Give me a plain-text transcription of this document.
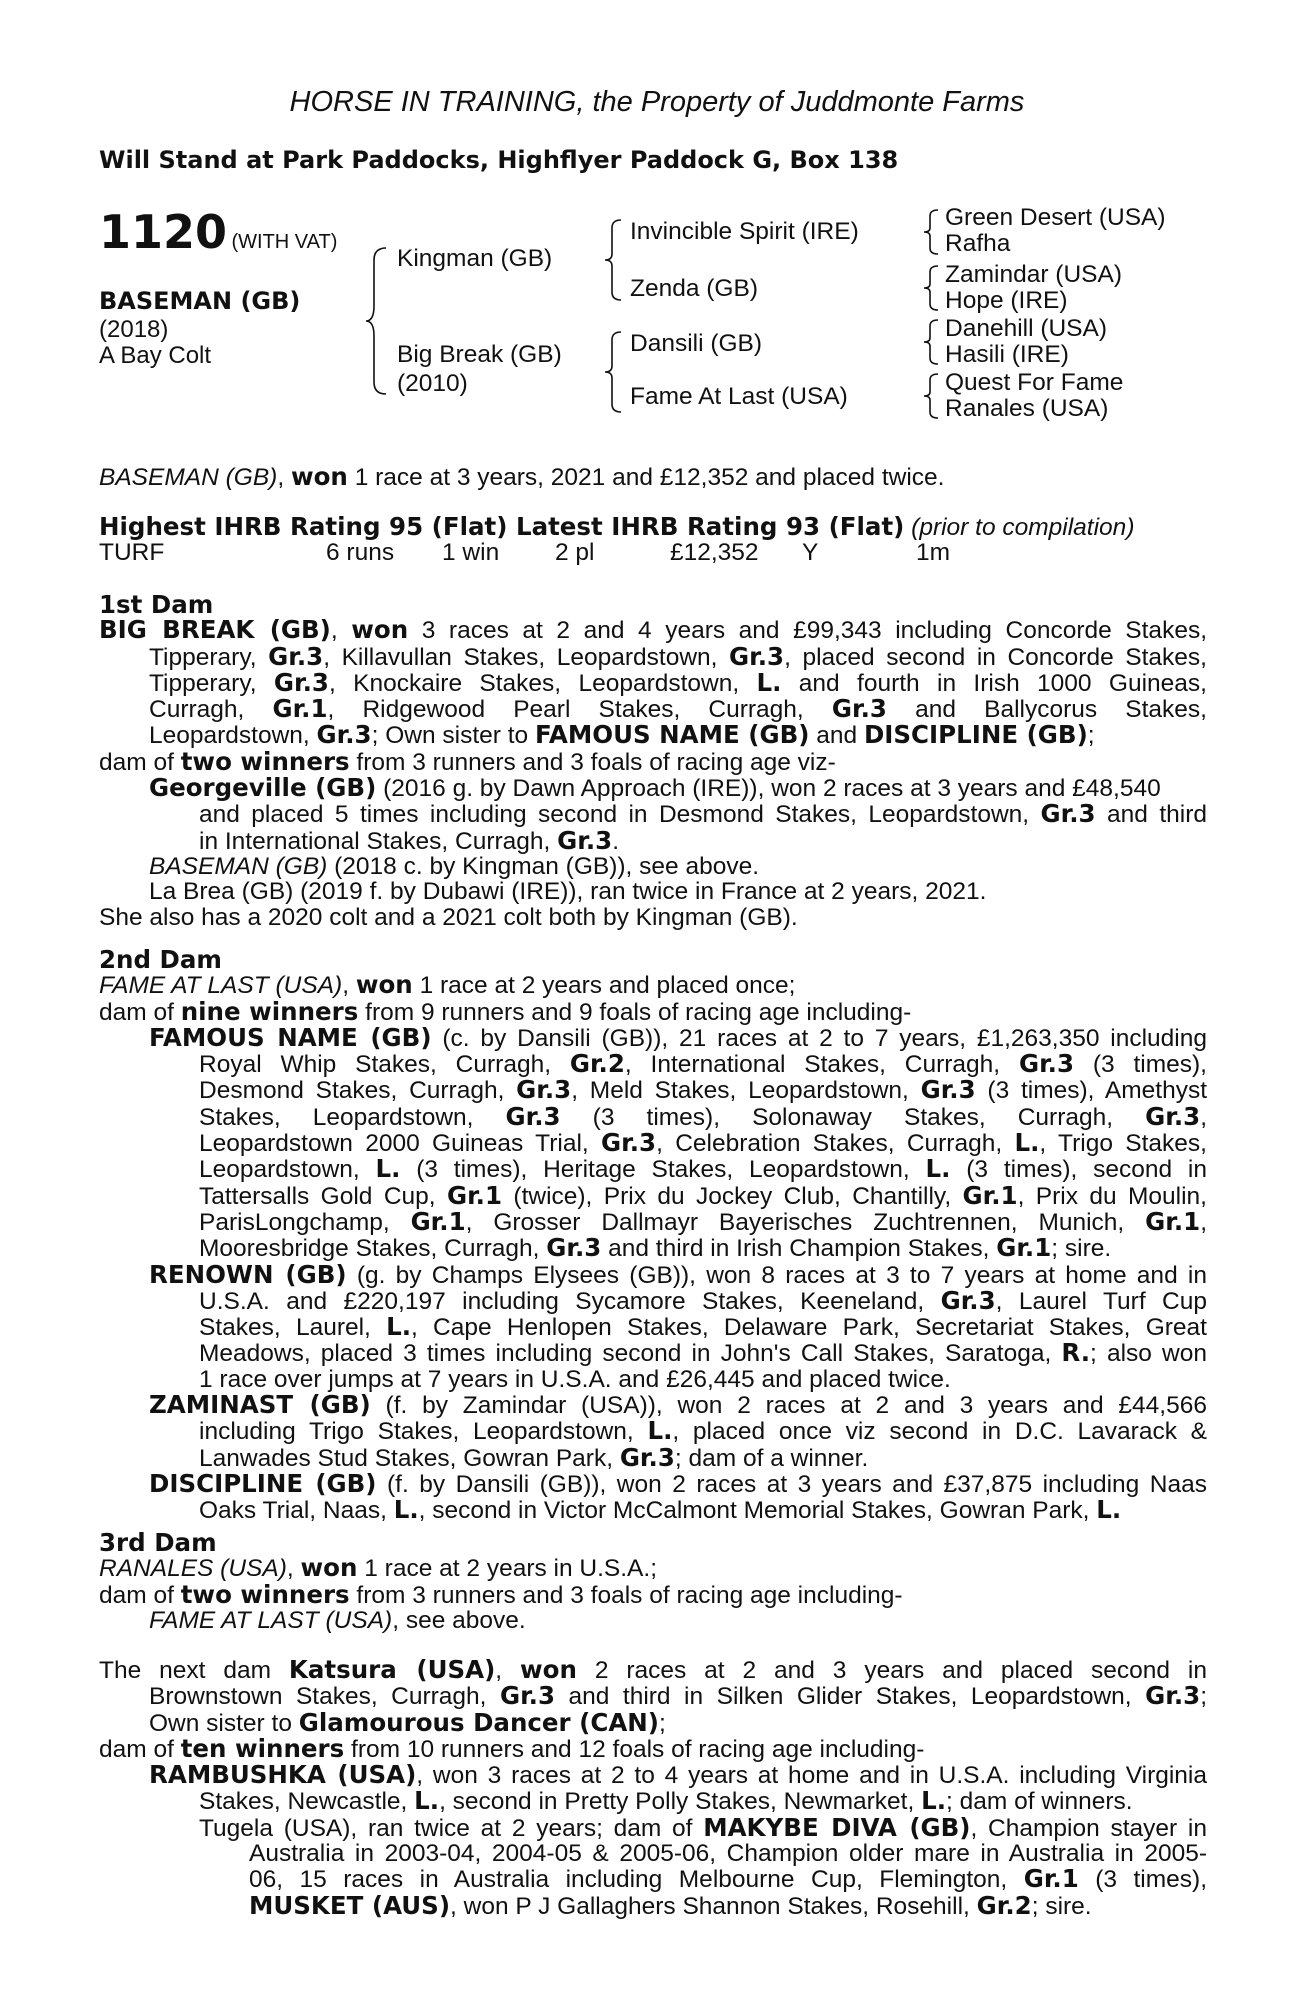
HORSE IN TRAINING, the Property of Juddmonte Farms
Will Stand at Park Paddocks, Highflyer Paddock G, Box 138
1120 (WITH VAT)
BASEMAN (GB)
(2018)
A Bay Colt
Kingman (GB)
Big Break (GB)
(2010)
Invincible Spirit (IRE)
Zenda (GB)
Dansili (GB)
Fame At Last (USA)
Green Desert (USA)
Rafha
Zamindar (USA)
Hope (IRE)
Danehill (USA)
Hasili (IRE)
Quest For Fame
Ranales (USA)
BASEMAN (GB), won 1 race at 3 years, 2021 and £12,352 and placed twice.
Highest IHRB Rating 95 (Flat) Latest IHRB Rating 93 (Flat) (prior to compilation)
TURF	6 runs 1 win 2 pl	£12,352 Y	1m

1st Dam

BIG BREAK (GB), won 3 races at 2 and 4 years and £99,343 including Concorde Stakes,

Tipperary, Gr.3, Killavullan Stakes, Leopardstown, Gr.3, placed second in Concorde Stakes,

Tipperary, Gr.3, Knockaire Stakes, Leopardstown, L. and fourth in Irish 1000 Guineas,

Curragh, Gr.1, Ridgewood Pearl Stakes, Curragh, Gr.3 and Ballycorus Stakes,

Leopardstown, Gr.3; Own sister to FAMOUS NAME (GB) and DISCIPLINE (GB);

dam of two winners from 3 runners and 3 foals of racing age viz-

Georgeville (GB) (2016 g. by Dawn Approach (IRE)), won 2 races at 3 years and £48,540

and placed 5 times including second in Desmond Stakes, Leopardstown, Gr.3 and third

in International Stakes, Curragh, Gr.3.

BASEMAN (GB) (2018 c. by Kingman (GB)), see above.

La Brea (GB) (2019 f. by Dubawi (IRE)), ran twice in France at 2 years, 2021.

She also has a 2020 colt and a 2021 colt both by Kingman (GB).

2nd Dam

FAME AT LAST (USA), won 1 race at 2 years and placed once;

dam of nine winners from 9 runners and 9 foals of racing age including-

FAMOUS NAME (GB) (c. by Dansili (GB)), 21 races at 2 to 7 years, £1,263,350 including

Royal Whip Stakes, Curragh, Gr.2, International Stakes, Curragh, Gr.3 (3 times),

Desmond Stakes, Curragh, Gr.3, Meld Stakes, Leopardstown, Gr.3 (3 times), Amethyst

Stakes, Leopardstown, Gr.3 (3 times), Solonaway Stakes, Curragh, Gr.3,

Leopardstown 2000 Guineas Trial, Gr.3, Celebration Stakes, Curragh, L., Trigo Stakes,

Leopardstown, L. (3 times), Heritage Stakes, Leopardstown, L. (3 times), second in

Tattersalls Gold Cup, Gr.1 (twice), Prix du Jockey Club, Chantilly, Gr.1, Prix du Moulin,

ParisLongchamp, Gr.1, Grosser Dallmayr Bayerisches Zuchtrennen, Munich, Gr.1,

Mooresbridge Stakes, Curragh, Gr.3 and third in Irish Champion Stakes, Gr.1; sire.

RENOWN (GB) (g. by Champs Elysees (GB)), won 8 races at 3 to 7 years at home and in

U.S.A. and £220,197 including Sycamore Stakes, Keeneland, Gr.3, Laurel Turf Cup

Stakes, Laurel, L., Cape Henlopen Stakes, Delaware Park, Secretariat Stakes, Great

Meadows, placed 3 times including second in John's Call Stakes, Saratoga, R.; also won

1 race over jumps at 7 years in U.S.A. and £26,445 and placed twice.

ZAMINAST (GB) (f. by Zamindar (USA)), won 2 races at 2 and 3 years and £44,566

including Trigo Stakes, Leopardstown, L., placed once viz second in D.C. Lavarack &

Lanwades Stud Stakes, Gowran Park, Gr.3; dam of a winner.

DISCIPLINE (GB) (f. by Dansili (GB)), won 2 races at 3 years and £37,875 including Naas

Oaks Trial, Naas, L., second in Victor McCalmont Memorial Stakes, Gowran Park, L.

3rd Dam

RANALES (USA), won 1 race at 2 years in U.S.A.;

dam of two winners from 3 runners and 3 foals of racing age including-

FAME AT LAST (USA), see above.

The next dam Katsura (USA), won 2 races at 2 and 3 years and placed second in

Brownstown Stakes, Curragh, Gr.3 and third in Silken Glider Stakes, Leopardstown, Gr.3;

Own sister to Glamourous Dancer (CAN);

dam of ten winners from 10 runners and 12 foals of racing age including-

RAMBUSHKA (USA), won 3 races at 2 to 4 years at home and in U.S.A. including Virginia

Stakes, Newcastle, L., second in Pretty Polly Stakes, Newmarket, L.; dam of winners.

Tugela (USA), ran twice at 2 years; dam of MAKYBE DIVA (GB), Champion stayer in

Australia in 2003-04, 2004-05 & 2005-06, Champion older mare in Australia in 2005-

06, 15 races in Australia including Melbourne Cup, Flemington, Gr.1 (3 times),

MUSKET (AUS), won P J Gallaghers Shannon Stakes, Rosehill, Gr.2; sire.
